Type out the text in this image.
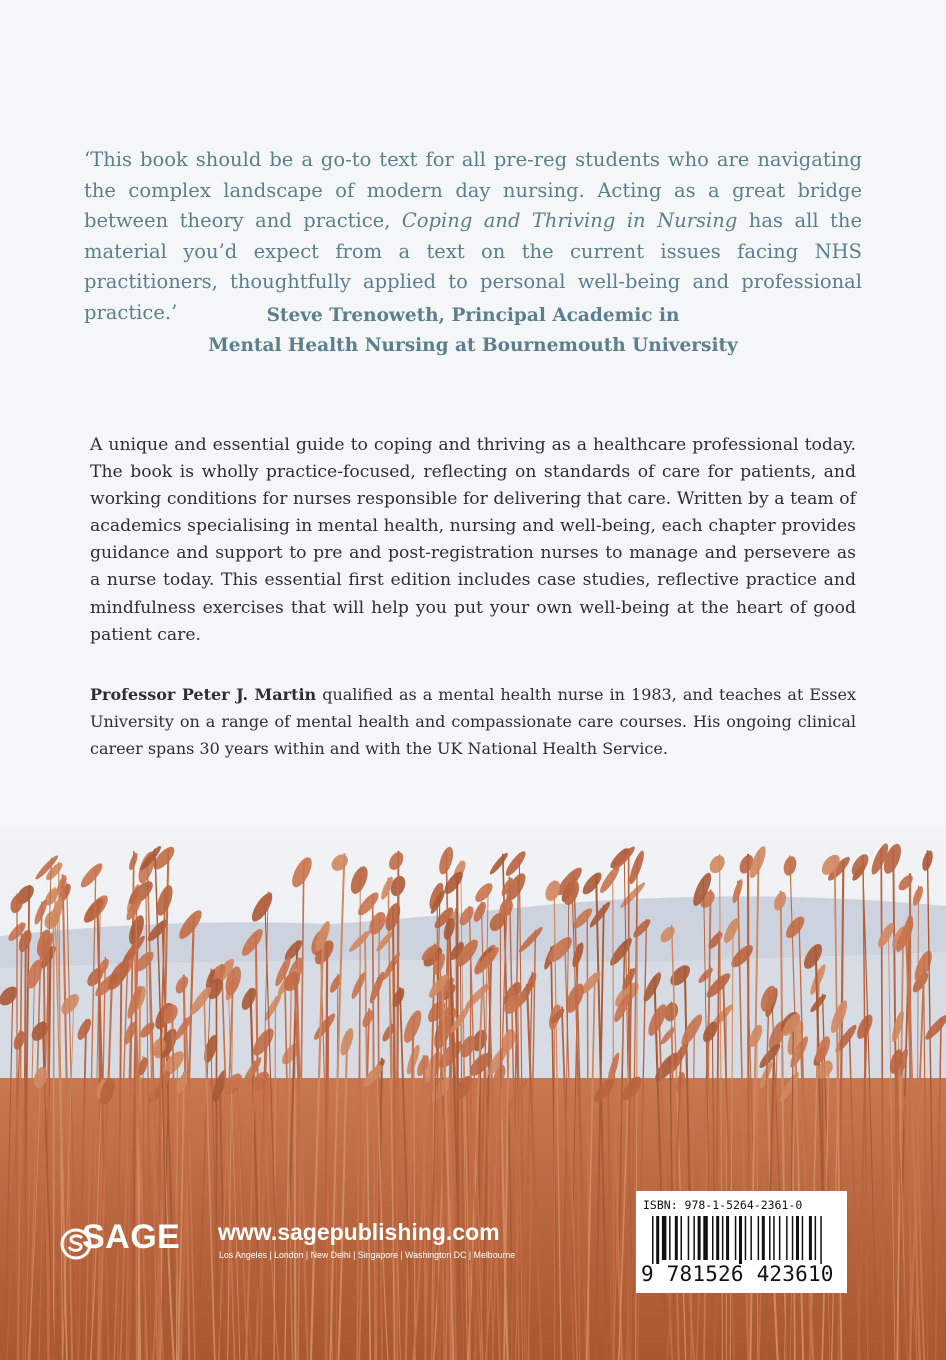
‘This book should be a go-to text for all pre-reg students who are navigating the complex landscape of modern day nursing. Acting as a great bridge between theory and practice, Coping and Thriving in Nursing has all the material you’d expect from a text on the current issues facing NHS practitioners, thoughtfully applied to personal well-being and professional practice.’	Steve Trenoweth, Principal Academic in
Mental Health Nursing at Bournemouth University

A unique and essential guide to coping and thriving as a healthcare professional today. The book is wholly practice-focused, reflecting on standards of care for patients, and working conditions for nurses responsible for delivering that care. Written by a team of academics specialising in mental health, nursing and well-being, each chapter provides guidance and support to pre and post-registration nurses to manage and persevere as a nurse today. This essential first edition includes case studies, reflective practice and mindfulness exercises that will help you put your own well-being at the heart of good patient care.

Professor Peter J. Martin qualified as a mental health nurse in 1983, and teaches at Essex University on a range of mental health and compassionate care courses. His ongoing clinical career spans 30 years within and with the UK National Health Service.

SAGE www.sagepublishing.com
Los Angeles | London | New Delhi | Singapore | Washington DC | Melbourne
ISBN: 978-1-5264-2361-0
9 781526 423610
